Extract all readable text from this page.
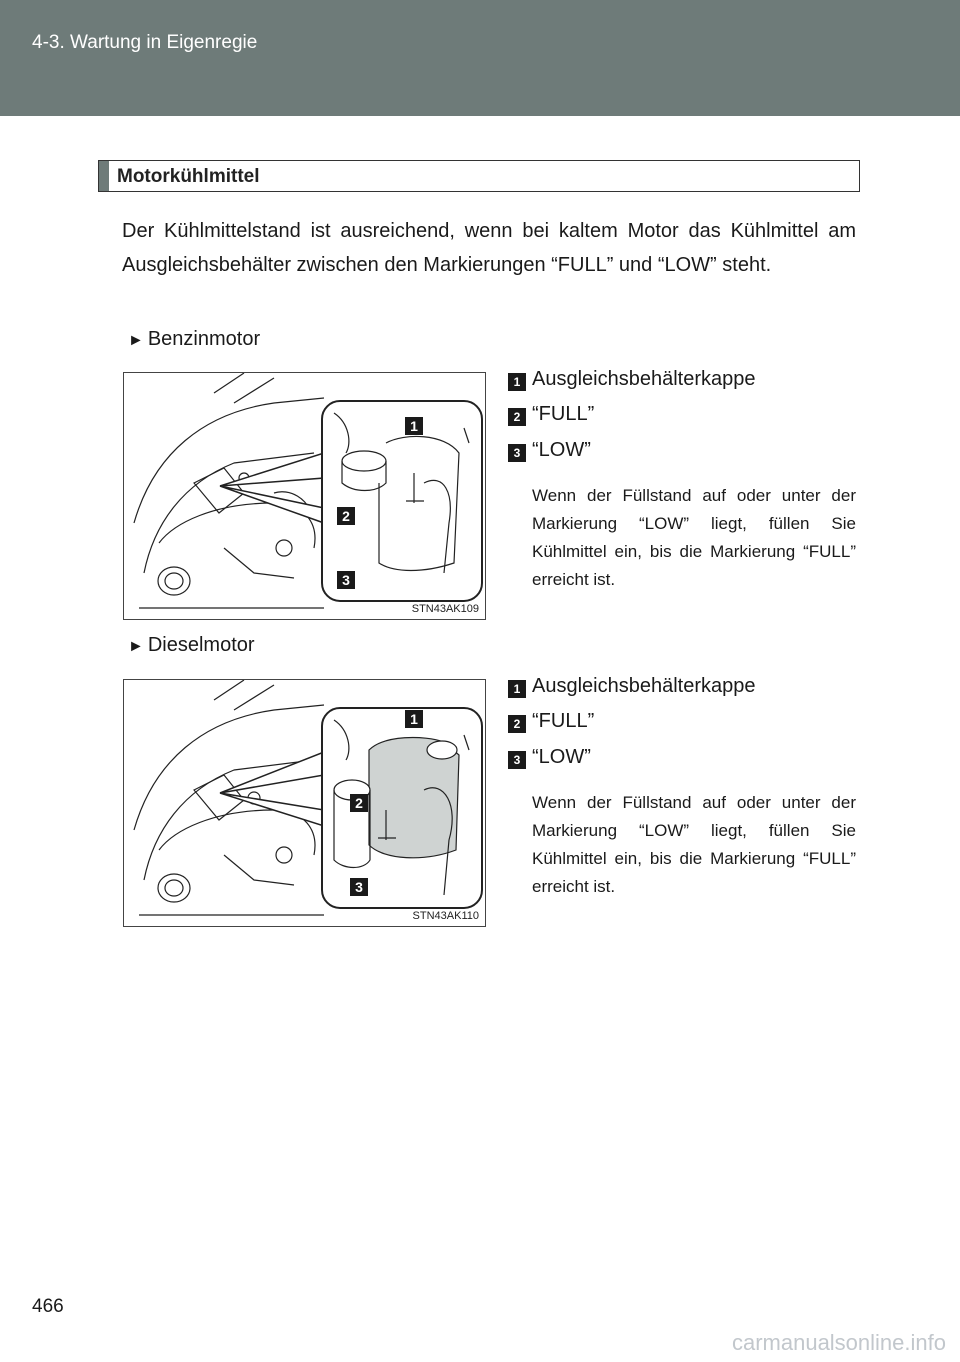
4-3. Wartung in Eigenregie
Motorkühlmittel
Der Kühlmittelstand ist ausreichend, wenn bei kaltem Motor das Kühlmittel am Ausgleichsbehälter zwischen den Markierungen “FULL” und “LOW” steht.
► Benzinmotor
1
2
3
STN43AK109
1 Ausgleichsbehälterkappe
2 “FULL”
3 “LOW”
Wenn der Füllstand auf oder unter der Markierung “LOW” liegt, füllen Sie Kühlmittel ein, bis die Markierung “FULL” erreicht ist.
► Dieselmotor
1
2
3
STN43AK110
1 Ausgleichsbehälterkappe
2 “FULL”
3 “LOW”
Wenn der Füllstand auf oder unter der Markierung “LOW” liegt, füllen Sie Kühlmittel ein, bis die Markierung “FULL” erreicht ist.
466
carmanualsonline.info
